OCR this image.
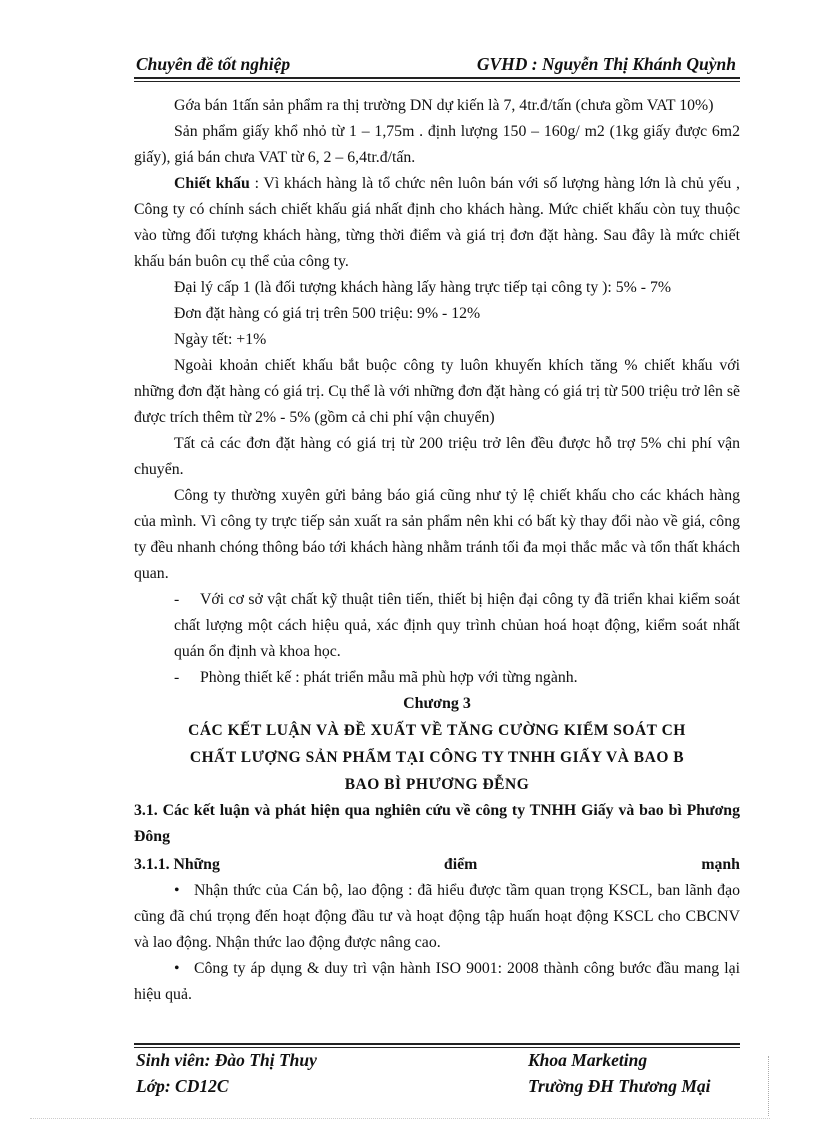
Chuyên đề tốt nghiệp	GVHD : Nguyễn Thị Khánh Quỳnh

Gớa bán 1tấn sản phẩm ra thị trường DN dự kiến là 7, 4tr.đ/tấn (chưa gồm VAT 10%)

Sản phẩm giấy khổ nhỏ từ 1 – 1,75m . định lượng 150 – 160g/ m2 (1kg giấy được 6m2 giấy), giá bán chưa VAT từ 6, 2 – 6,4tr.đ/tấn.

Chiết khấu : Vì khách hàng là tổ chức nên luôn bán với số lượng hàng lớn là chủ yếu , Công ty có chính sách chiết khấu giá nhất định cho khách hàng. Mức chiết khấu còn tuỵ thuộc vào từng đối tượng khách hàng, từng thời điểm và giá trị đơn đặt hàng. Sau đây là mức chiết khấu bán buôn cụ thể của công ty.

Đại lý cấp 1 (là đối tượng khách hàng lấy hàng trực tiếp tại công ty ): 5% - 7%

Đơn đặt hàng có giá trị trên 500 triệu: 9% - 12%

Ngày tết: +1%

Ngoài khoản chiết khấu bắt buộc công ty luôn khuyến khích tăng % chiết khấu với những đơn đặt hàng có giá trị. Cụ thể là với những đơn đặt hàng có giá trị từ 500 triệu trở lên sẽ được trích thêm từ 2% - 5% (gồm cả chi phí vận chuyển)

Tất cả các đơn đặt hàng có giá trị từ 200 triệu trở lên đều được hỗ trợ 5% chi phí vận chuyển.

Công ty thường xuyên gửi bảng báo giá cũng như tỷ lệ chiết khấu cho các khách hàng của mình. Vì công ty trực tiếp sản xuất ra sản phẩm nên khi có bất kỳ thay đổi nào về giá, công ty đều nhanh chóng thông báo tới khách hàng nhằm tránh tối đa mọi thắc mắc và tổn thất khách quan.

- Với cơ sở vật chất kỹ thuật tiên tiến, thiết bị hiện đại công ty đã triển khai kiểm soát chất lượng một cách hiệu quả, xác định quy trình chủan hoá hoạt động, kiểm soát nhất quán ổn định và khoa học.

- Phòng thiết kế : phát triển mẫu mã phù hợp với từng ngành.

Chương 3

CÁC KẾT LUẬN VÀ ĐỀ XUẤT VỀ TĂNG CƯỜNG KIỂM SOÁT CH

CHẤT LƯỢNG SẢN PHẨM TẠI CÔNG TY TNHH GIẤY VÀ BAO B

BAO BÌ PHƯƠNG ĐỄNG

3.1. Các kết luận và phát hiện qua nghiên cứu về công ty TNHH Giấy và bao bì Phương Đông

3.1.1. Những	điểm	mạnh

• Nhận thức của Cán bộ, lao động : đã hiểu được tầm quan trọng KSCL, ban lãnh đạo cũng đã chú trọng đến hoạt động đầu tư và hoạt động tập huấn hoạt động KSCL cho CBCNV và lao động. Nhận thức lao động được nâng cao.

• Công ty áp dụng & duy trì vận hành ISO 9001: 2008 thành công bước đầu mang lại hiệu quả.

Sinh viên: Đào Thị Thuy	Khoa Marketing
Lớp: CD12C	Trường ĐH Thương Mại
